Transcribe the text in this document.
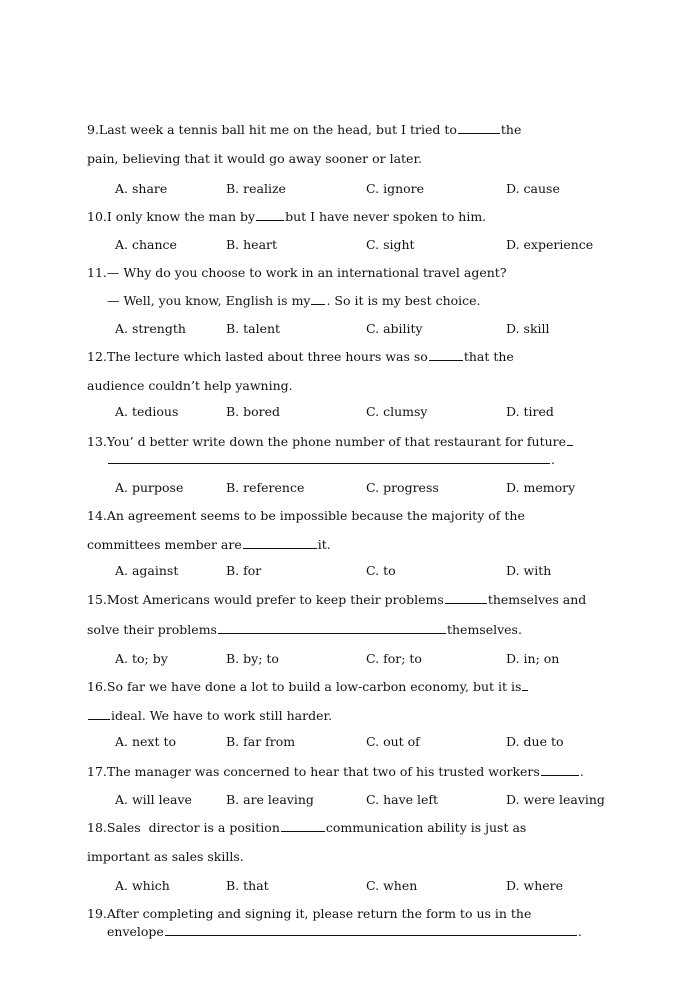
9.Last week a tennis ball hit me on the head, but I tried to	the
pain, believing that it would go away sooner or later.
A. share	B. realize	C. ignore	D. cause
10.I only know the man by but I have never spoken to him.
A. chance	B. heart	C. sight	D. experience
11.— Why do you choose to work in an international travel agent?
— Well, you know, English is my . So it is my best choice.
A. strength	B. talent	C. ability	D. skill
12.The lecture which lasted about three hours was so	that the
audience couldn’t help yawning.
A. tedious	B. bored	C. clumsy	D. tired
13.You’ d better write down the phone number of that restaurant for future
.
A. purpose	B. reference	C. progress	D. memory
14.An agreement seems to be impossible because the majority of the
committees member are	it.
A. against	B. for	C. to	D. with
15.Most Americans would prefer to keep their problems	themselves and
solve their problems	themselves.
A. to; by	B. by; to	C. for; to	D. in; on
16.So far we have done a lot to build a low-carbon economy, but it is
ideal. We have to work still harder.
A. next to	B. far from	C. out of	D. due to
17.The manager was concerned to hear that two of his trusted workers	.
A. will leave	B. are leaving	C. have left	D. were leaving
18.Sales  director is a position	communication ability is just as
important as sales skills.
A. which	B. that	C. when	D. where
19.After completing and signing it, please return the form to us in the
envelope	.
